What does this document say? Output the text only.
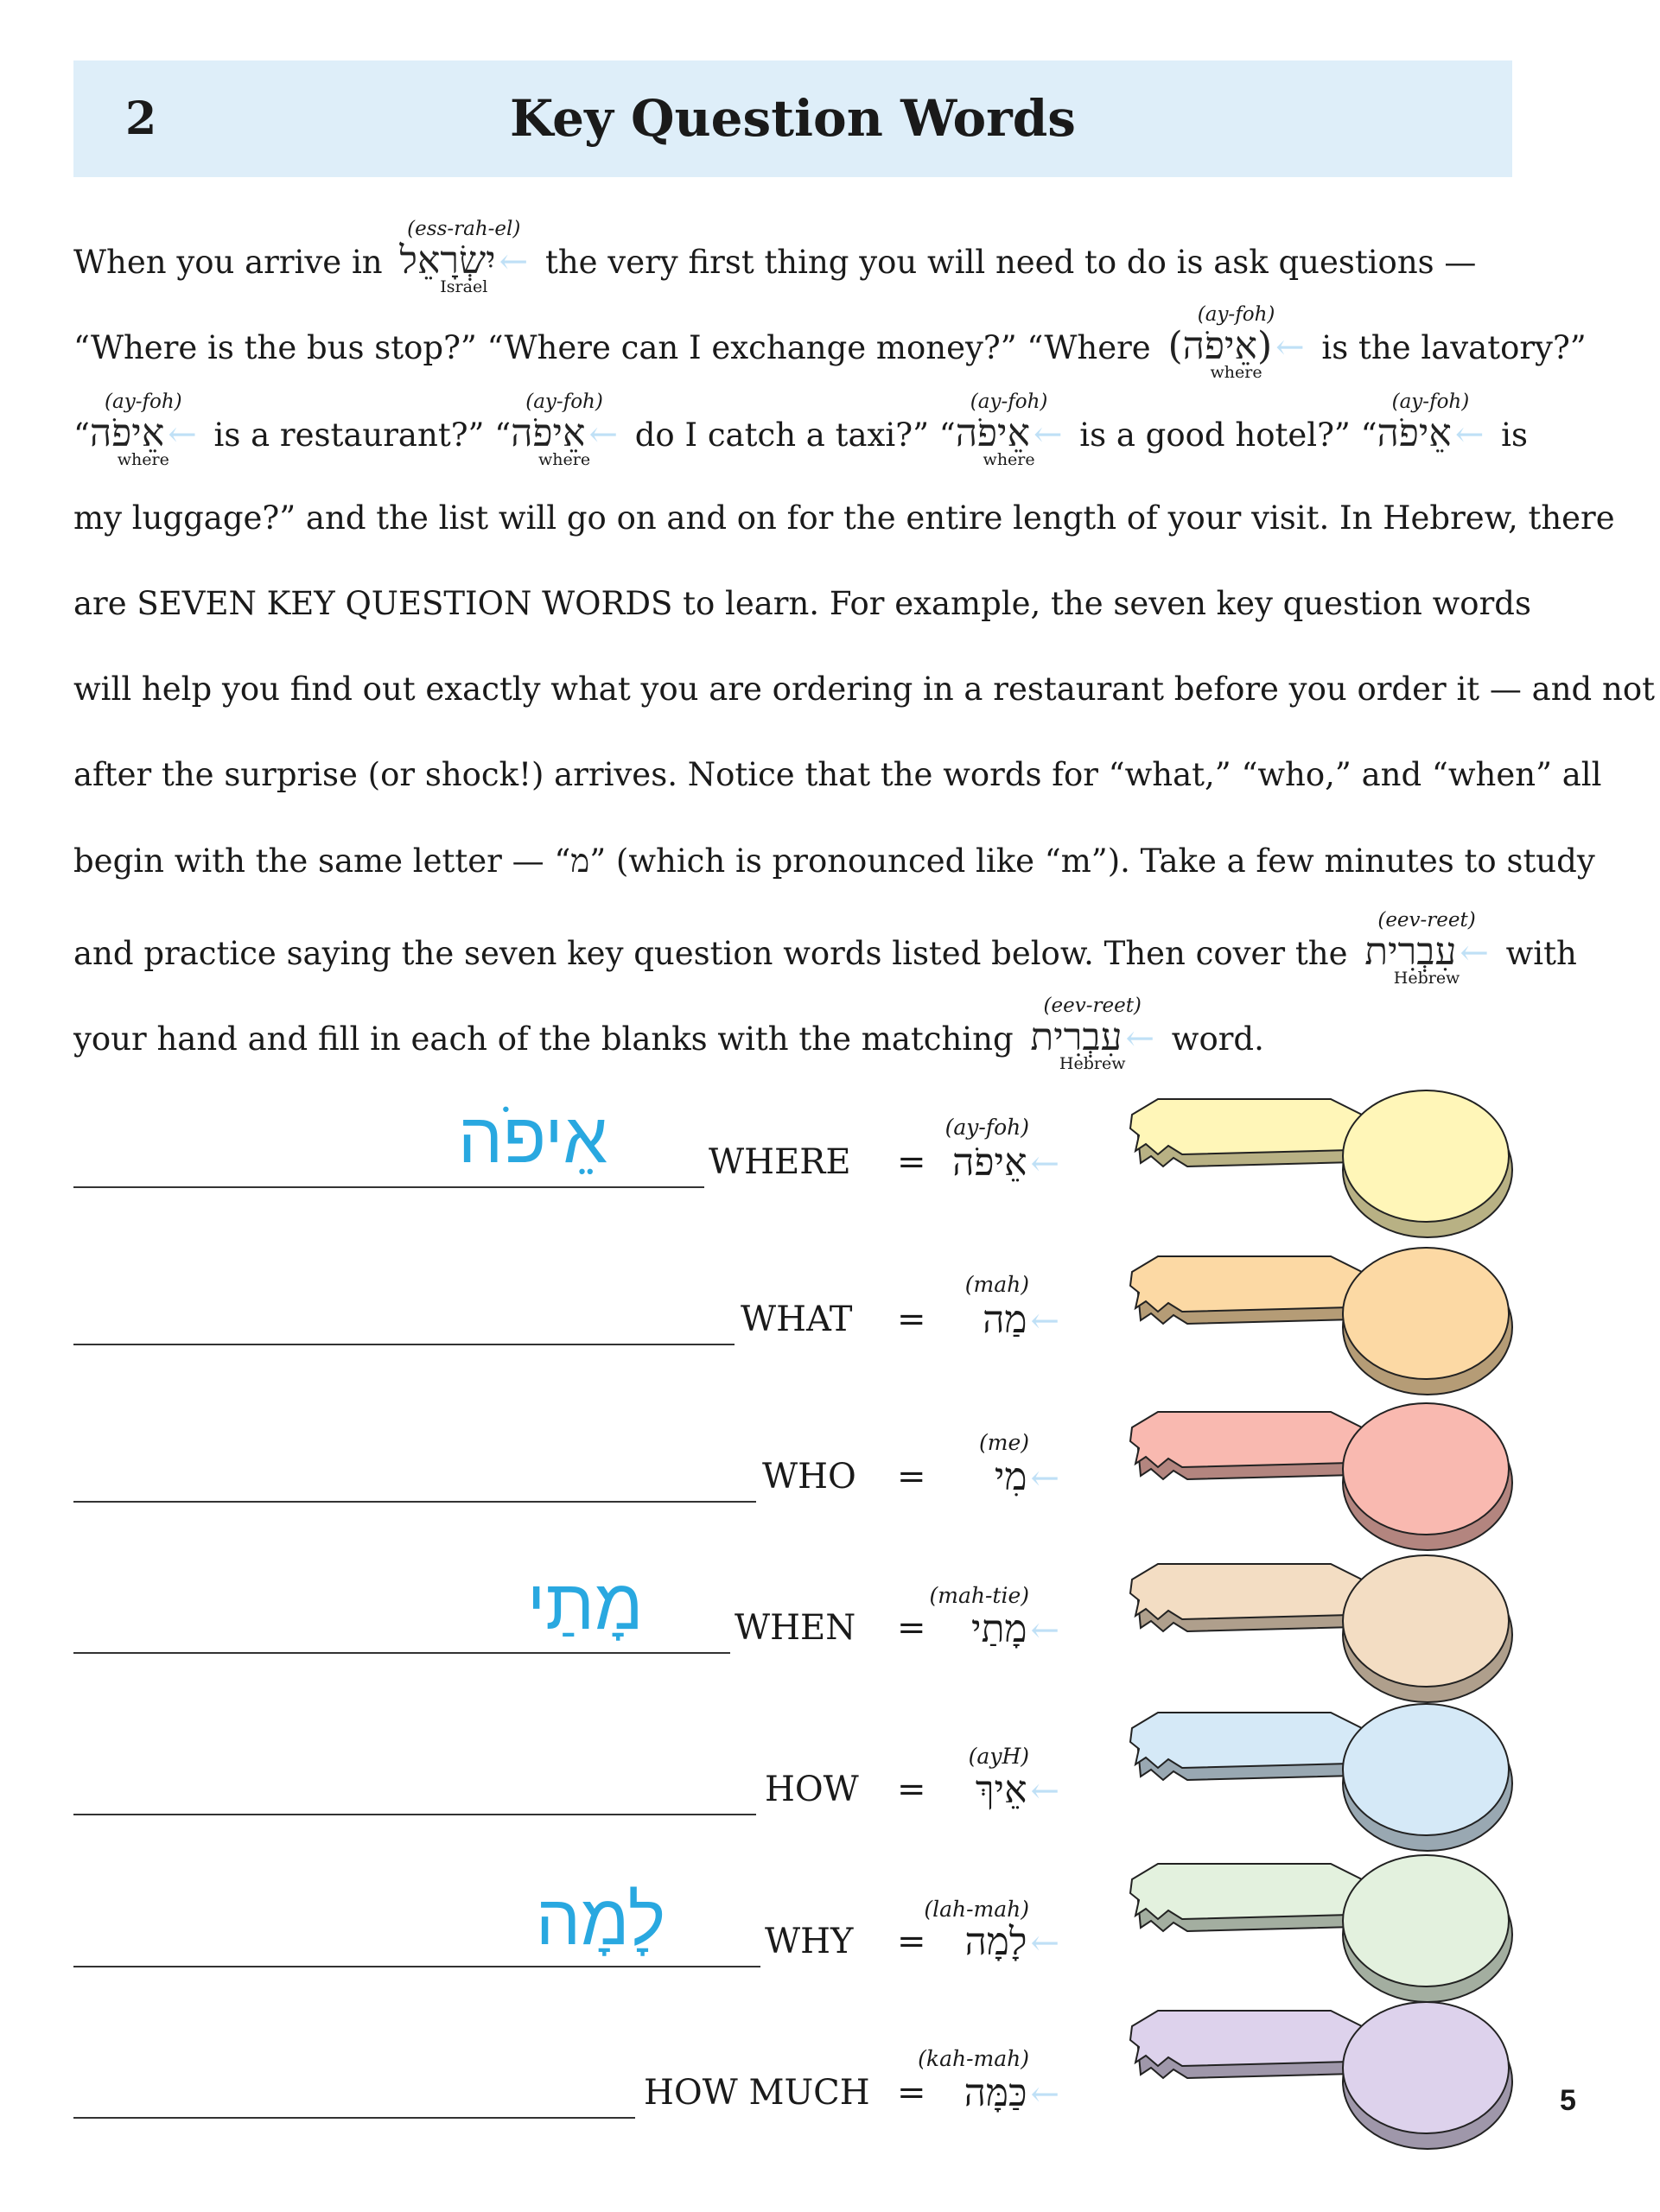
Key Question Words
2
When you arrive in
(ess-rah-el)
יִשְׂרָאֵל ←
Israel
the very first thing you will need to do is ask questions —
“Where is the bus stop?” “Where can I exchange money?” “Where
(ay-foh)
(אֵיפֹה) ←
where
is the lavatory?”
“
(ay-foh)
אֵיפֹה ←
where
is a restaurant?” “
(ay-foh)
אֵיפֹה ←
where
do I catch a taxi?” “
(ay-foh)
אֵיפֹה ←
where
is a good hotel?” “
(ay-foh)
אֵיפֹה ← is
my luggage?” and the list will go on and on for the entire length of your visit. In Hebrew, there
are SEVEN KEY QUESTION WORDS to learn. For example, the seven key question words
will help you find out exactly what you are ordering in a restaurant before you order it — and not
after the surprise (or shock!) arrives. Notice that the words for “what,” “who,” and “when” all
begin with the same letter — “מ” (which is pronounced like “m”). Take a few minutes to study
and practice saying the seven key question words listed below. Then cover the
(eev-reet)
עִבְרִית ←
Hebrew
with
your hand and fill in each of the blanks with the matching
(eev-reet)
עִבְרִית ←
Hebrew
word.
אֵיפֹה	WHERE =
(ay-foh)
אֵיפֹה ←
WHAT =
(mah)
מַה ←
WHO =
(me)
מִי ←
מָתַי	WHEN =
(mah-tie)
מָתַי ←
HOW =
(ayH)
אֵיךְ ←
לָמָה	WHY =
(lah-mah)
לָמָה ←
HOW MUCH =
(kah-mah)
כַּמָּה ←	5
